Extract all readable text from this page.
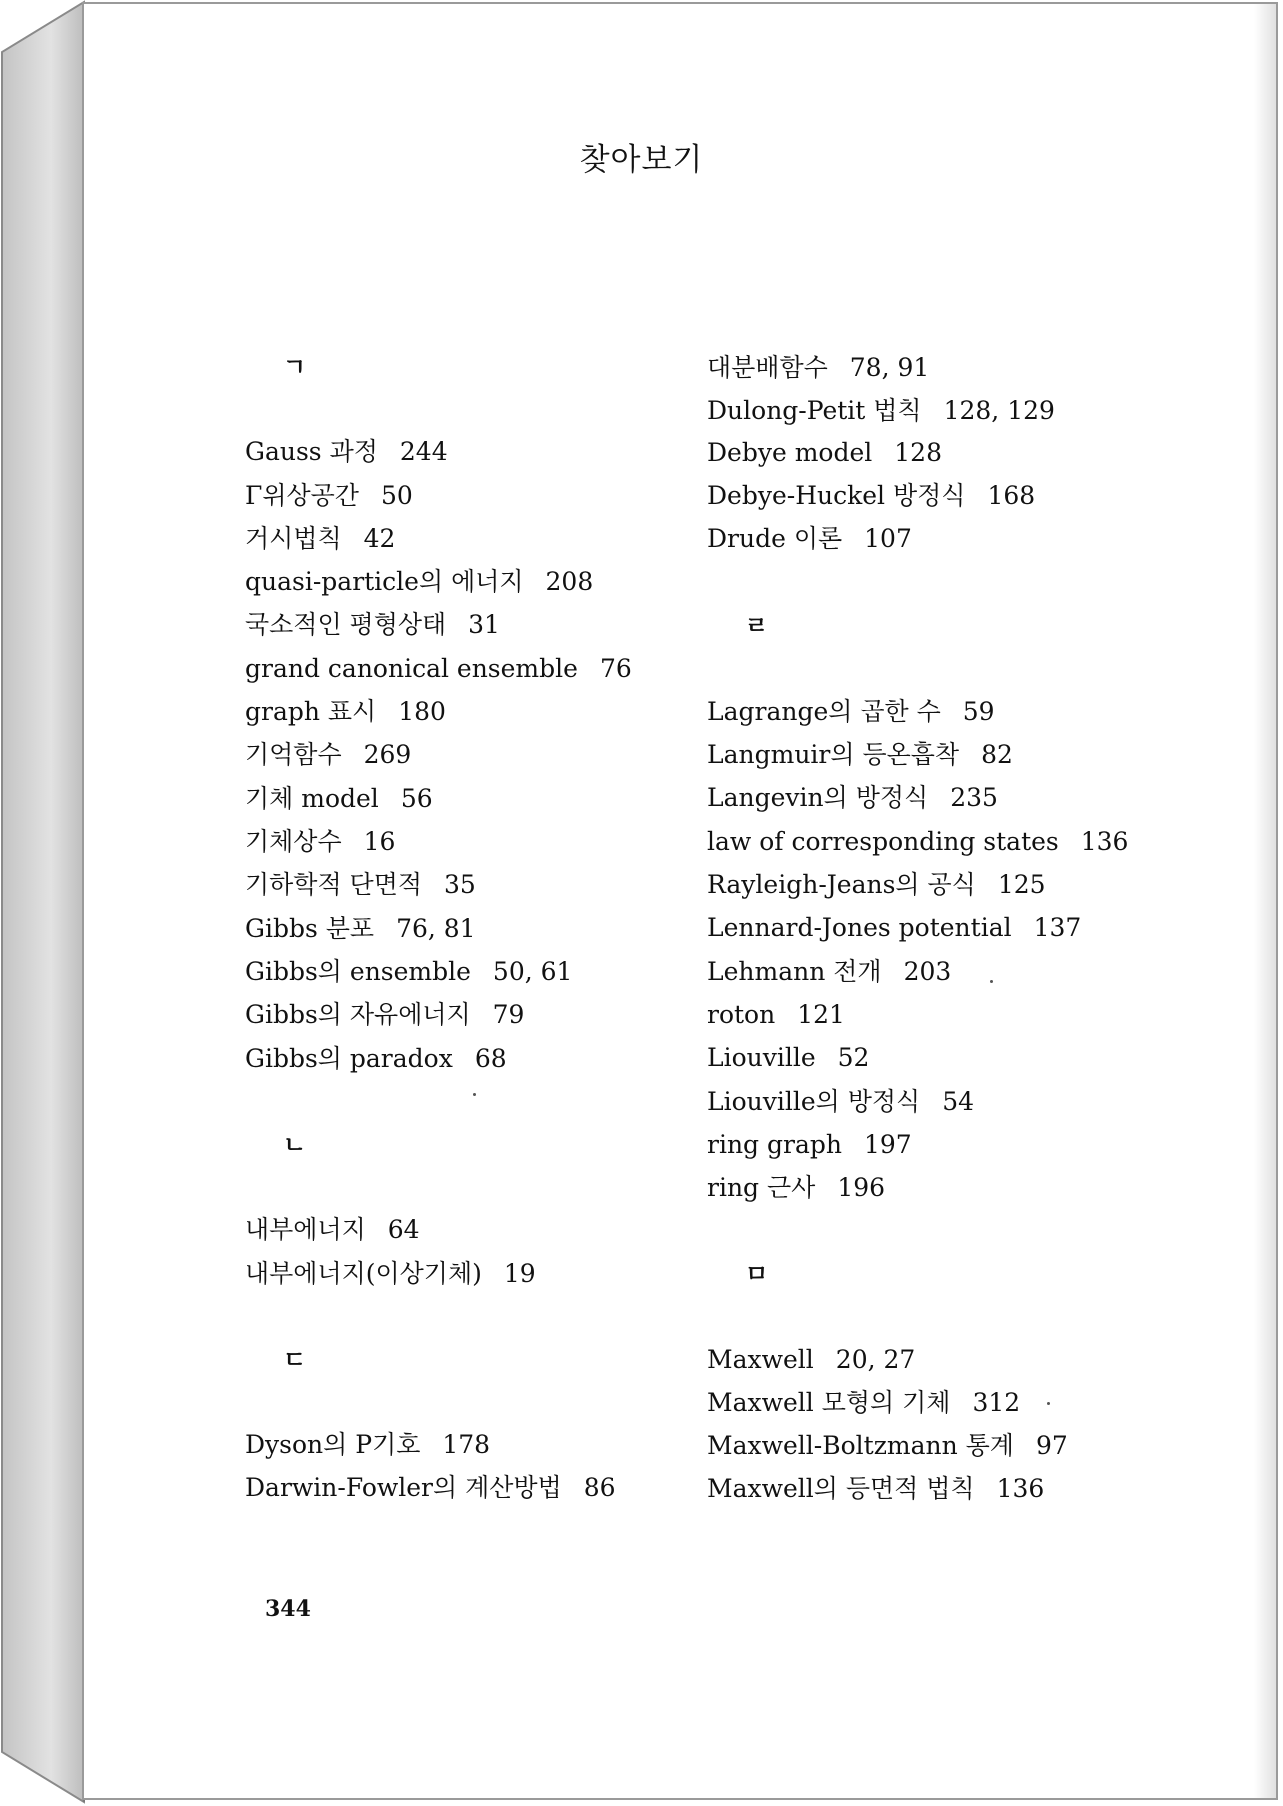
찾아보기
ㄱ
Gauss 과정 244
Γ위상공간 50
거시법칙 42
quasi-particle의 에너지 208
국소적인 평형상태 31
grand canonical ensemble 76
graph 표시 180
기억함수 269
기체 model 56
기체상수 16
기하학적 단면적 35
Gibbs 분포 76, 81
Gibbs의 ensemble 50, 61
Gibbs의 자유에너지 79
Gibbs의 paradox 68
ㄴ
내부에너지 64
내부에너지(이상기체) 19
ㄷ
Dyson의 P기호 178
Darwin-Fowler의 계산방법 86
대분배함수 78, 91
Dulong-Petit 법칙 128, 129
Debye model 128
Debye-Huckel 방정식 168
Drude 이론 107
ㄹ
Lagrange의 곱한 수 59
Langmuir의 등온흡착 82
Langevin의 방정식 235
law of corresponding states 136
Rayleigh-Jeans의 공식 125
Lennard-Jones potential 137
Lehmann 전개 203
roton 121
Liouville 52
Liouville의 방정식 54
ring graph 197
ring 근사 196
ㅁ
Maxwell 20, 27
Maxwell 모형의 기체 312
Maxwell-Boltzmann 통계 97
Maxwell의 등면적 법칙 136
344
